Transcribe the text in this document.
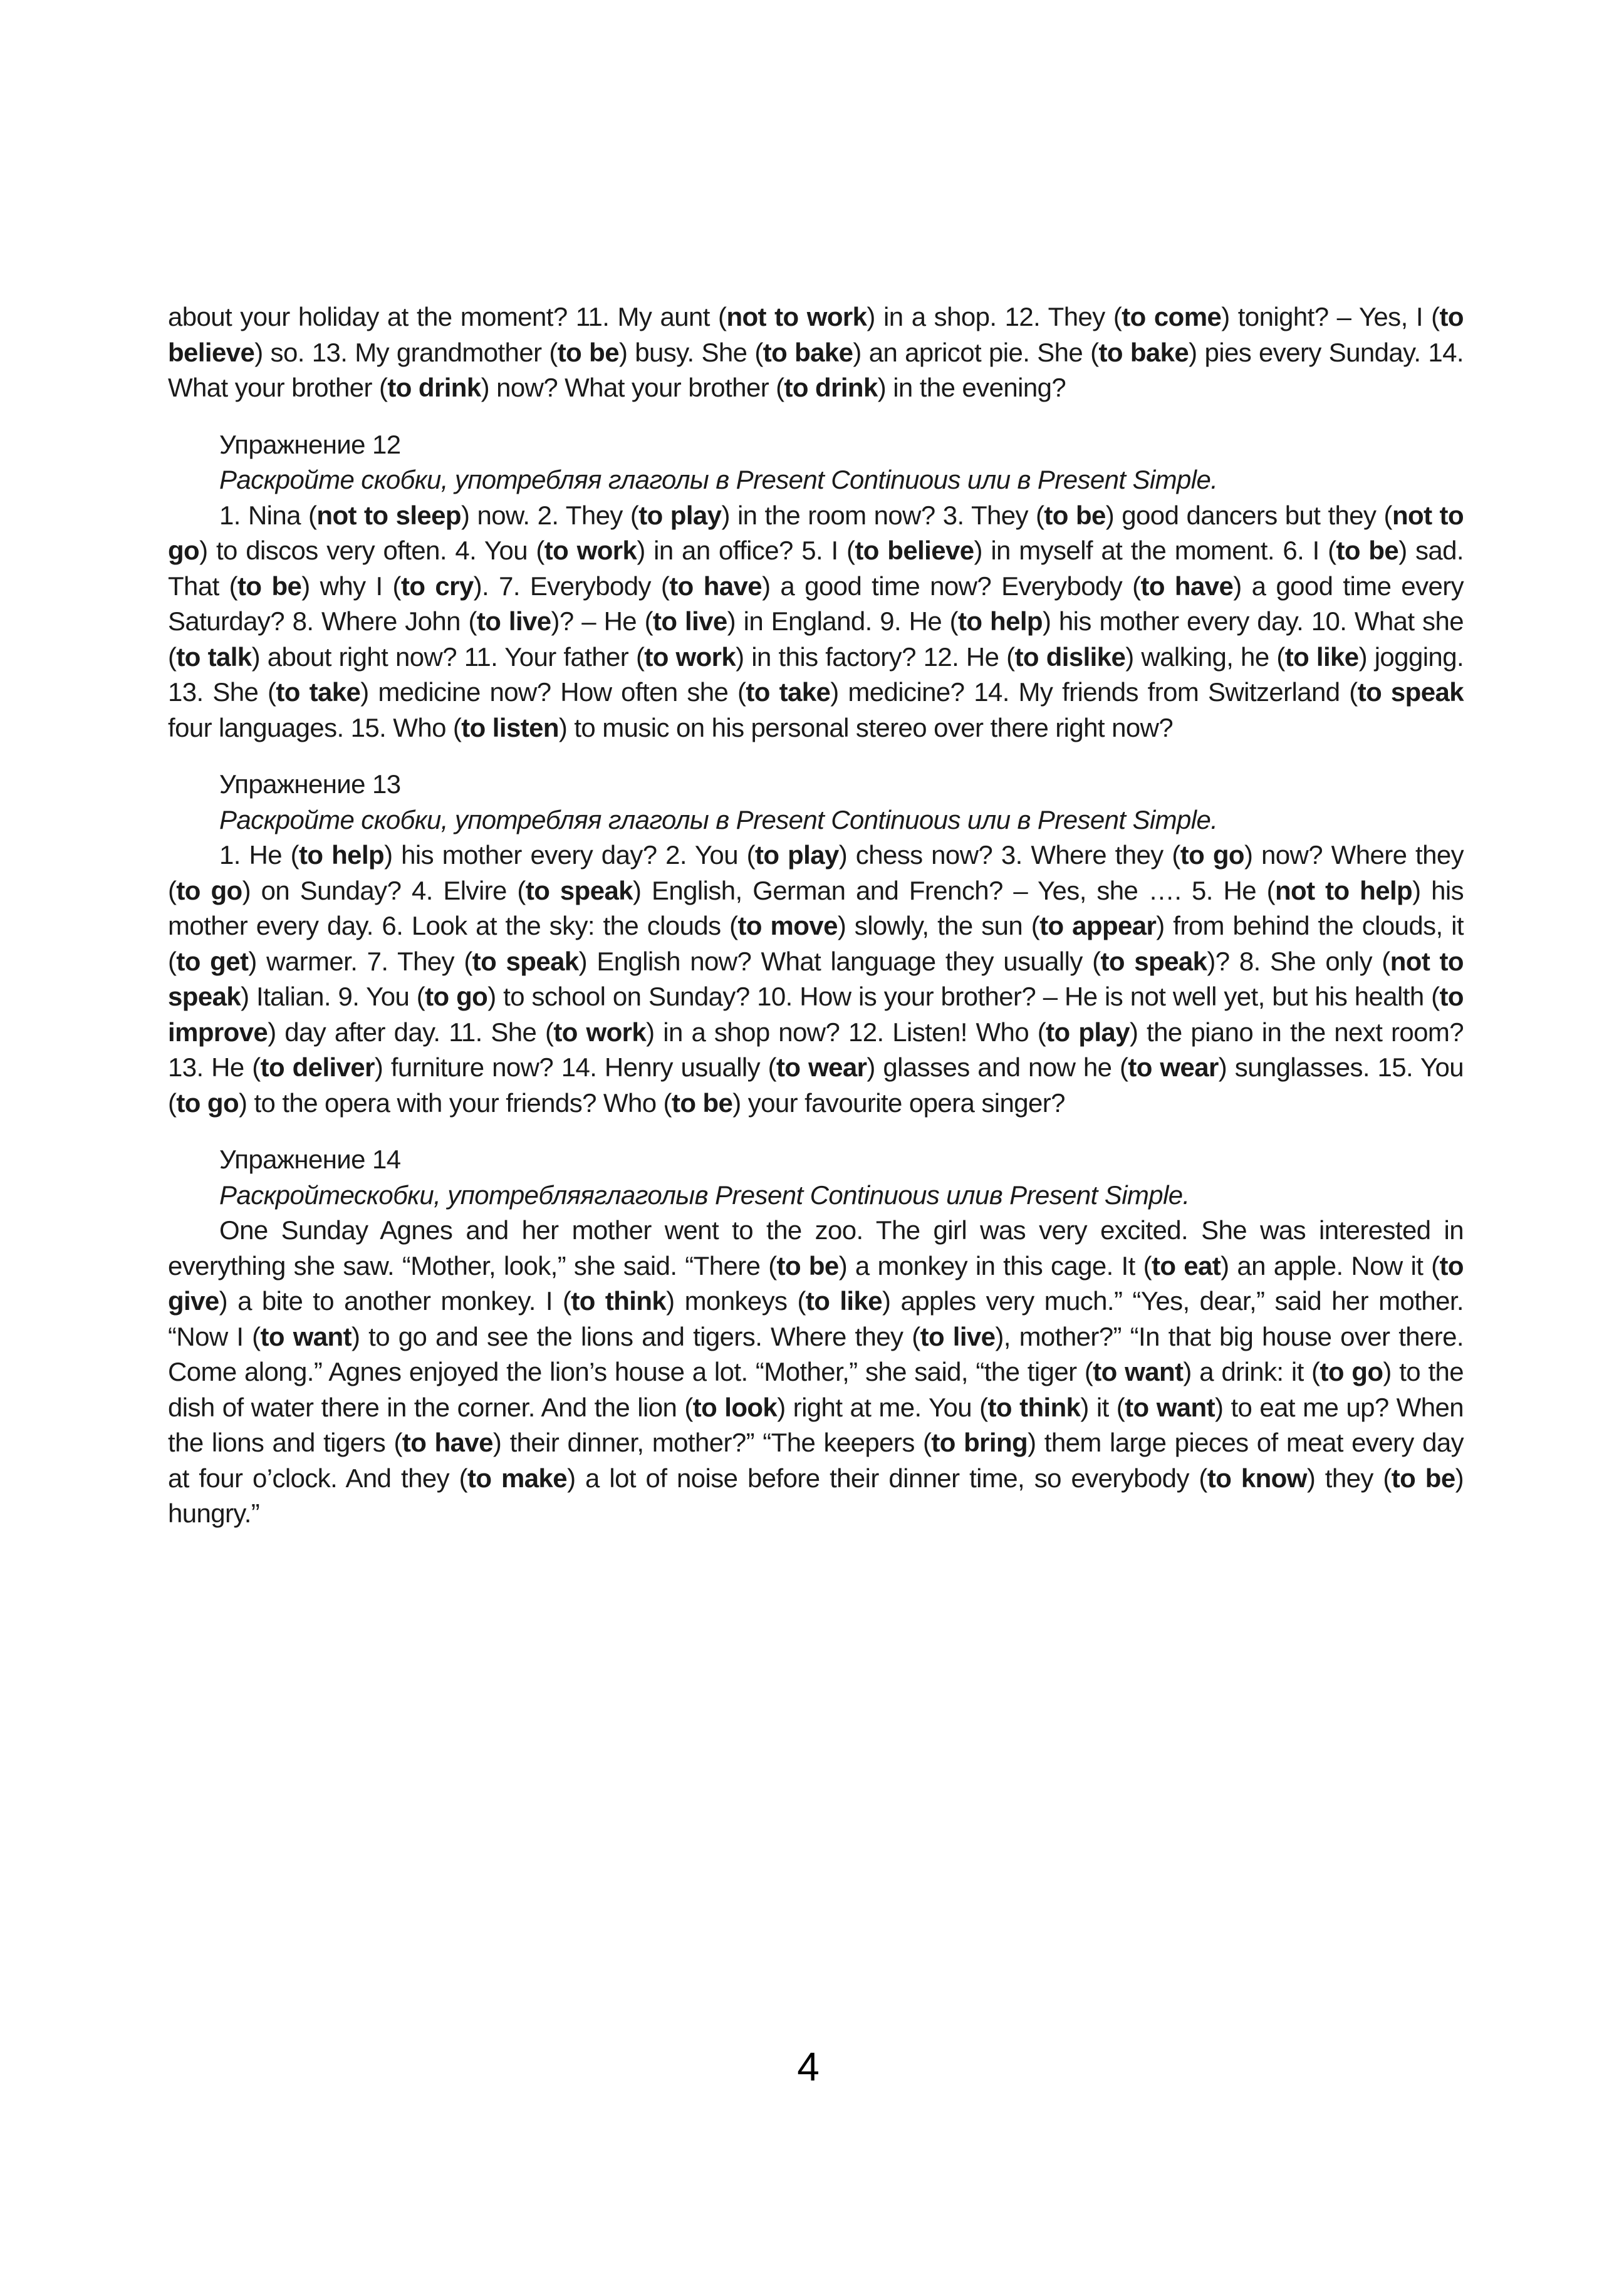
about your holiday at the moment? 11. My aunt (not to work) in a shop. 12. They (to come) tonight? – Yes, I (to believe) so. 13. My grandmother (to be) busy. She (to bake) an apricot pie. She (to bake) pies every Sunday. 14. What your brother (to drink) now? What your brother (to drink) in the evening?

Упражнение 12

Раскройте скобки, употребляя глаголы в Present Continuous или в Present Simple.

1. Nina (not to sleep) now. 2. They (to play) in the room now? 3. They (to be) good dancers but they (not to go) to discos very often. 4. You (to work) in an office? 5. I (to believe) in myself at the moment. 6. I (to be) sad. That (to be) why I (to cry). 7. Everybody (to have) a good time now? Everybody (to have) a good time every Saturday? 8. Where John (to live)? – He (to live) in England. 9. He (to help) his mother every day. 10. What she (to talk) about right now? 11. Your father (to work) in this factory? 12. He (to dislike) walking, he (to like) jogging. 13. She (to take) medicine now? How often she (to take) medicine? 14. My friends from Switzerland (to speak four languages. 15. Who (to listen) to music on his personal stereo over there right now?

Упражнение 13

Раскройте скобки, употребляя глаголы в Present Continuous или в Present Simple.

1. He (to help) his mother every day? 2. You (to play) chess now? 3. Where they (to go) now? Where they (to go) on Sunday? 4. Elvire (to speak) English, German and French? – Yes, she …. 5. He (not to help) his mother every day. 6. Look at the sky: the clouds (to move) slowly, the sun (to appear) from behind the clouds, it (to get) warmer. 7. They (to speak) English now? What language they usually (to speak)? 8. She only (not to speak) Italian. 9. You (to go) to school on Sunday? 10. How is your brother? – He is not well yet, but his health (to improve) day after day. 11. She (to work) in a shop now? 12. Listen! Who (to play) the piano in the next room? 13. He (to deliver) furniture now? 14. Henry usually (to wear) glasses and now he (to wear) sunglasses. 15. You (to go) to the opera with your friends? Who (to be) your favourite opera singer?

Упражнение 14

Раскройтескобки, употребляяглаголыв Present Continuous илив Present Simple.

One Sunday Agnes and her mother went to the zoo. The girl was very excited. She was interested in everything she saw. “Mother, look,” she said. “There (to be) a monkey in this cage. It (to eat) an apple. Now it (to give) a bite to another monkey. I (to think) monkeys (to like) apples very much.” “Yes, dear,” said her mother. “Now I (to want) to go and see the lions and tigers. Where they (to live), mother?” “In that big house over there. Come along.” Agnes enjoyed the lion’s house a lot. “Mother,” she said, “the tiger (to want) a drink: it (to go) to the dish of water there in the corner. And the lion (to look) right at me. You (to think) it (to want) to eat me up? When the lions and tigers (to have) their dinner, mother?” “The keepers (to bring) them large pieces of meat every day at four o’clock. And they (to make) a lot of noise before their dinner time, so everybody (to know) they (to be) hungry.”

4
